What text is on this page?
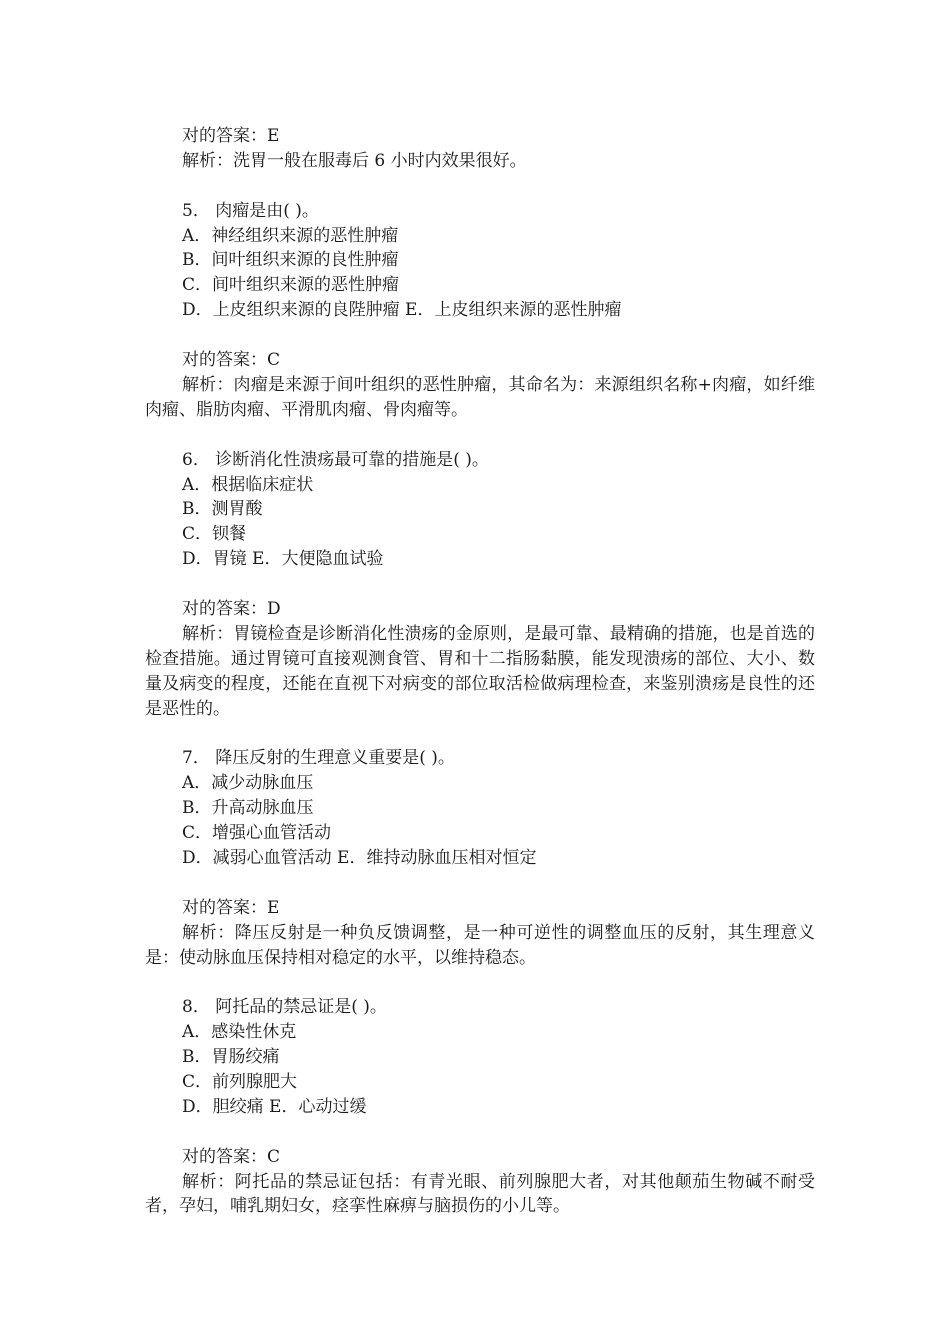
对的答案：E
解析：洗胃一般在服毒后 6 小时内效果很好。
5． 肉瘤是由( )。
A．神经组织来源的恶性肿瘤
B．间叶组织来源的良性肿瘤
C．间叶组织来源的恶性肿瘤
D．上皮组织来源的良陛肿瘤 E．上皮组织来源的恶性肿瘤
对的答案：C
解析：肉瘤是来源于间叶组织的恶性肿瘤，其命名为：来源组织名称+肉瘤，如纤维肉瘤、脂肪肉瘤、平滑肌肉瘤、骨肉瘤等。
6． 诊断消化性溃疡最可靠的措施是( )。
A．根据临床症状
B．测胃酸
C．钡餐
D．胃镜 E．大便隐血试验
对的答案：D
解析：胃镜检查是诊断消化性溃疡的金原则，是最可靠、最精确的措施，也是首选的检查措施。通过胃镜可直接观测食管、胃和十二指肠黏膜，能发现溃疡的部位、大小、数量及病变的程度，还能在直视下对病变的部位取活检做病理检查，来鉴别溃疡是良性的还是恶性的。
7． 降压反射的生理意义重要是( )。
A．减少动脉血压
B．升高动脉血压
C．增强心血管活动
D．减弱心血管活动 E．维持动脉血压相对恒定
对的答案：E
解析：降压反射是一种负反馈调整，是一种可逆性的调整血压的反射，其生理意义是：使动脉血压保持相对稳定的水平，以维持稳态。
8． 阿托品的禁忌证是( )。
A．感染性休克
B．胃肠绞痛
C．前列腺肥大
D．胆绞痛 E．心动过缓
对的答案：C
解析：阿托品的禁忌证包括：有青光眼、前列腺肥大者，对其他颠茄生物碱不耐受者，孕妇，哺乳期妇女，痉挛性麻痹与脑损伤的小儿等。
